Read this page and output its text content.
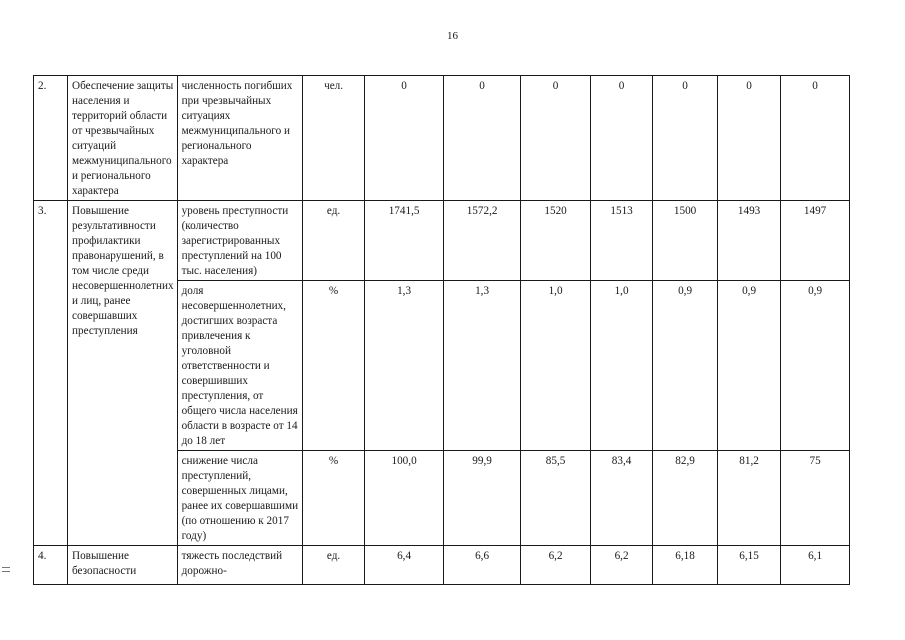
16
2.	Обеспечение защиты населения и территорий области от чрезвычайных ситуаций межмуниципального и регионального характера	численность погибших при чрезвычайных ситуациях межмуниципального и регионального характера	чел.	0	0	0	0	0	0	0
3.	Повышение результативности профилактики правонарушений, в том числе среди несовершеннолетних и лиц, ранее совершавших преступления	уровень преступности (количество зарегистрированных преступлений на 100 тыс. населения)	ед.	1741,5	1572,2	1520	1513	1500	1493	1497
		доля несовершеннолетних, достигших возраста привлечения к уголовной ответственности и совершивших преступления, от общего числа населения области в возрасте от 14 до 18 лет	%	1,3	1,3	1,0	1,0	0,9	0,9	0,9
		снижение числа преступлений, совершенных лицами, ранее их совершавшими (по отношению к 2017 году)	%	100,0	99,9	85,5	83,4	82,9	81,2	75
4.	Повышение безопасности	тяжесть последствий дорожно-	ед.	6,4	6,6	6,2	6,2	6,18	6,15	6,1
